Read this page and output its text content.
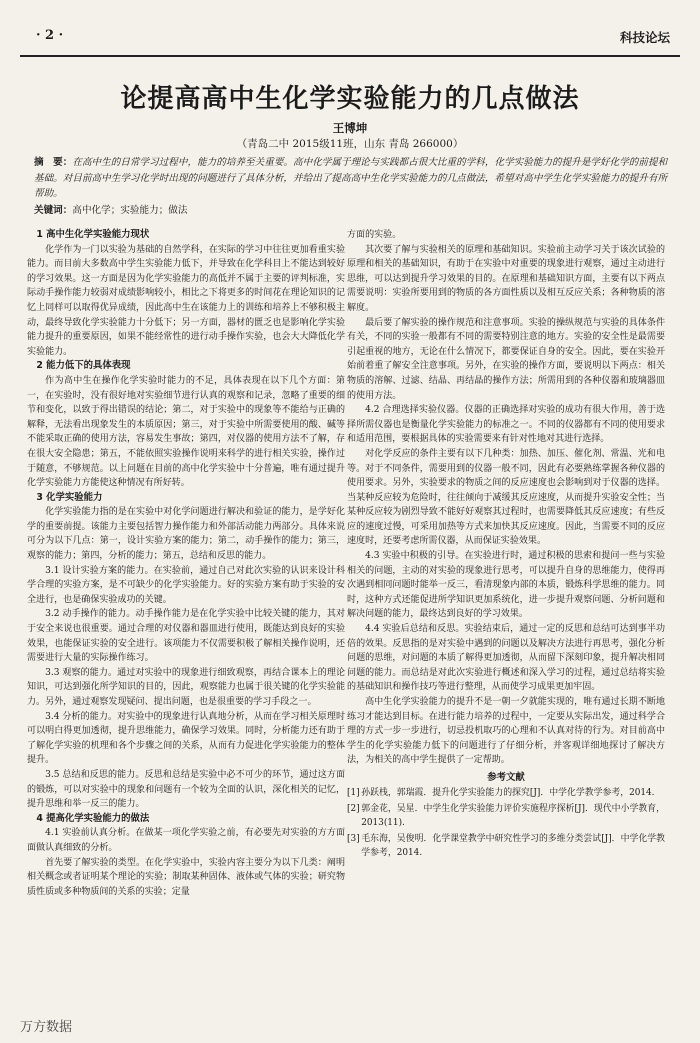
· 2 ·	科技论坛
论提高高中生化学实验能力的几点做法
王博坤
（青岛二中 2015级11班，山东 青岛 266000）
摘　要：在高中生的日常学习过程中，能力的培养至关重要。高中化学属于理论与实践都占很大比重的学科，化学实验能力的提升是学好化学的前提和基础。对目前高中生学习化学时出现的问题进行了具体分析，并给出了提高高中生化学实验能力的几点做法，希望对高中学生化学实验能力的提升有所帮助。
关键词：高中化学；实验能力；做法
1 高中生化学实验能力现状

化学作为一门以实验为基础的自然学科，在实际的学习中往往更加看重实验能力。而目前大多数高中学生实验能力低下，并导致在化学科目上不能达到较好的学习效果。这一方面是因为化学实验能力的高低并不属于主要的评判标准，实际动手操作能力较弱对成绩影响较小，相比之下将更多的时间花在理论知识的记忆上同样可以取得优异成绩，因此高中生在该能力上的训练和培养上不够积极主动，最终导致化学实验能力十分低下；另一方面，器材的匮乏也是影响化学实验能力提升的重要原因，如果不能经常性的进行动手操作实验，也会大大降低化学实验能力。

2 能力低下的具体表现

作为高中生在操作化学实验时能力的不足，具体表现在以下几个方面：第一，在实验时，没有很好地对实验细节进行认真的观察和记录，忽略了重要的细节和变化，以致于得出错误的结论；第二，对于实验中的现象等不能给与正确的解释，无法看出现象发生的本质原因；第三，对于实验中所需要使用的酸、碱等不能采取正确的使用方法，容易发生事故；第四，对仪器的使用方法不了解，存在很大安全隐患；第五，不能依照实验操作说明来科学的进行相关实验，操作过于随意，不够规范。以上问题在目前的高中化学实验中十分普遍，唯有通过提升化学实验能力方能使这种情况有所好转。

3 化学实验能力

化学实验能力指的是在实验中对化学问题进行解决和验证的能力，是学好化学的重要前提。该能力主要包括智力操作能力和外部活动能力两部分。具体来说可分为以下几点：第一，设计实验方案的能力；第二，动手操作的能力；第三，观察的能力；第四，分析的能力；第五，总结和反思的能力。

3.1 设计实验方案的能力。在实验前，通过自己对此次实验的认识来设计科学合理的实验方案，是不可缺少的化学实验能力。好的实验方案有助于实验的安全进行，也是确保实验成功的关键。

3.2 动手操作的能力。动手操作能力是在化学实验中比较关键的能力，其对于安全来说也很重要。通过合理的对仪器和器皿进行使用，既能达到良好的实验效果，也能保证实验的安全进行。该项能力不仅需要积极了解相关操作说明，还需要进行大量的实际操作练习。

3.3 观察的能力。通过对实验中的现象进行细致观察，再结合课本上的理论知识，可达到强化所学知识的目的，因此，观察能力也属于很关键的化学实验能力。另外，通过观察发现疑问、提出问题，也是很重要的学习手段之一。

3.4 分析的能力。对实验中的现象进行认真地分析，从而在学习相关原理时可以明白得更加透彻，提升思维能力，确保学习效果。同时，分析能力还有助于了解化学实验的机理和各个步骤之间的关系，从而有力促进化学实验能力的整体提升。

3.5 总结和反思的能力。反思和总结是实验中必不可少的环节，通过这方面的锻炼，可以对实验中的现象和问题有一个较为全面的认识，深化相关的记忆，提升思维和举一反三的能力。

4 提高化学实验能力的做法

4.1 实验前认真分析。在做某一项化学实验之前，有必要先对实验的方方面面做认真细致的分析。

首先要了解实验的类型。在化学实验中，实验内容主要分为以下几类：阐明相关概念或者证明某个理论的实验；制取某种固体、液体或气体的实验；研究物质性质或多种物质间的关系的实验；定量

方面的实验。

其次要了解与实验相关的原理和基础知识。实验前主动学习关于该次试验的原理和相关的基础知识，有助于在实验中对重要的现象进行观察，通过主动进行思维，可以达到提升学习效果的目的。在原理和基础知识方面，主要有以下两点需要说明：实验所要用到的物质的各方面性质以及相互反应关系；各种物质的溶解度。

最后要了解实验的操作规范和注意事项。实验的操纵规范与实验的具体条件有关，不同的实验一般都有不同的需要特别注意的地方。实验的安全性是最需要引起重视的地方，无论在什么情况下，都要保证自身的安全。因此，要在实验开始前着重了解安全注意事项。另外，在实验的操作方面，要说明以下两点：相关物质的溶解、过滤、结晶、再结晶的操作方法；所需用到的各种仪器和玻璃器皿的使用方法。

4.2 合理选择实验仪器。仪器的正确选择对实验的成功有很大作用，善于选择所需仪器也是衡量化学实验能力的标准之一。不同的仪器都有不同的使用要求和适用范围，要根据具体的实验需要来有针对性地对其进行选择。

对化学反应的条件主要有以下几种类：加热、加压、催化剂、常温、光和电等。对于不同条件，需要用到的仪器一般不同，因此有必要熟练掌握各种仪器的使用要求。另外，实验要求的物质之间的反应速度也会影响到对于仪器的选择。当某种反应较为危险时，往往倾向于减缓其反应速度，从而提升实验安全性；当某种反应较为剧烈导致不能好好观察其过程时，也需要降低其反应速度；有些反应的速度过慢，可采用加热等方式来加快其反应速度。因此，当需要不同的反应速度时，还要考虑所需仪器，从而保证实验效果。

4.3 实验中积极的引导。在实验进行时，通过积极的思索和提问一些与实验相关的问题，主动的对实验的现象进行思考，可以提升自身的思维能力，使得再次遇到相同问题时能举一反三，看清现象内部的本质，锻炼科学思维的能力。同时，这种方式还能促进所学知识更加系统化，进一步提升观察问题、分析问题和解决问题的能力，最终达到良好的学习效果。

4.4 实验后总结和反思。实验结束后，通过一定的反思和总结可达到事半功倍的效果。反思指的是对实验中遇到的问题以及解决方法进行再思考，强化分析问题的思维，对问题的本质了解得更加透彻，从而留下深刻印象，提升解决相同问题的能力。而总结是对此次实验进行概述和深入学习的过程，通过总结将实验的基础知识和操作技巧等进行整理，从而使学习成果更加牢固。

高中生化学实验能力的提升不是一朝一夕就能实现的，唯有通过长期不断地练习才能达到目标。在进行能力培养的过程中，一定要从实际出发，通过科学合理的方式一步一步进行，切忌投机取巧的心理和不认真对待的行为。对目前高中学生的化学实验能力低下的问题进行了仔细分析，并客观详细地探讨了解决方法，为相关的高中学生提供了一定帮助。

参考文献

[1] 孙跃栈，郭瑞霞．提升化学实验能力的探究[J]．中学化学教学参考，2014.

[2] 郭金花，吴星．中学生化学实验能力评价实施程序探析[J]．现代中小学教育，2013(11).

[3] 毛东海，吴俊明．化学课堂教学中研究性学习的多维分类尝试[J]．中学化学教学参考，2014.

万方数据
